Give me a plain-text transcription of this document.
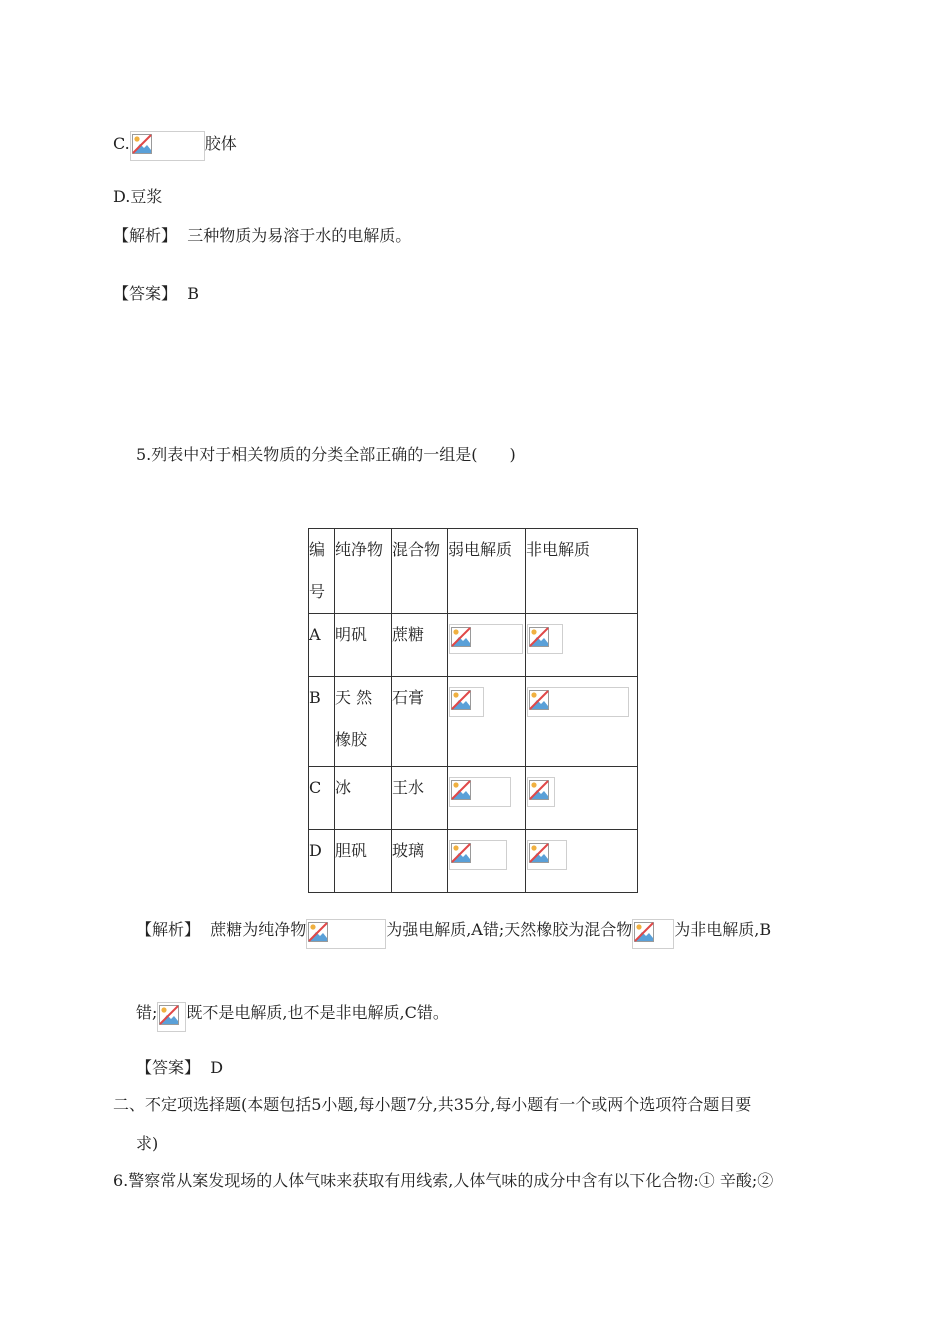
C.	胶体
D.豆浆
【解析】 三种物质为易溶于水的电解质。
【答案】 B
5.列表中对于相关物质的分类全部正确的一组是(　　)
编号	纯净物	混合物	弱电解质	非电解质
A	明矾	蔗糖	

B	天 然 橡胶	石膏	

C	冰	王水	

D	胆矾	玻璃	

【解析】 蔗糖为纯净物	为强电解质,A错;天然橡胶为混合物	为非电解质,B
错; 既不是电解质,也不是非电解质,C错。
【答案】 D
二、不定项选择题(本题包括5小题,每小题7分,共35分,每小题有一个或两个选项符合题目要
求)
6.警察常从案发现场的人体气味来获取有用线索,人体气味的成分中含有以下化合物:① 辛酸;②
